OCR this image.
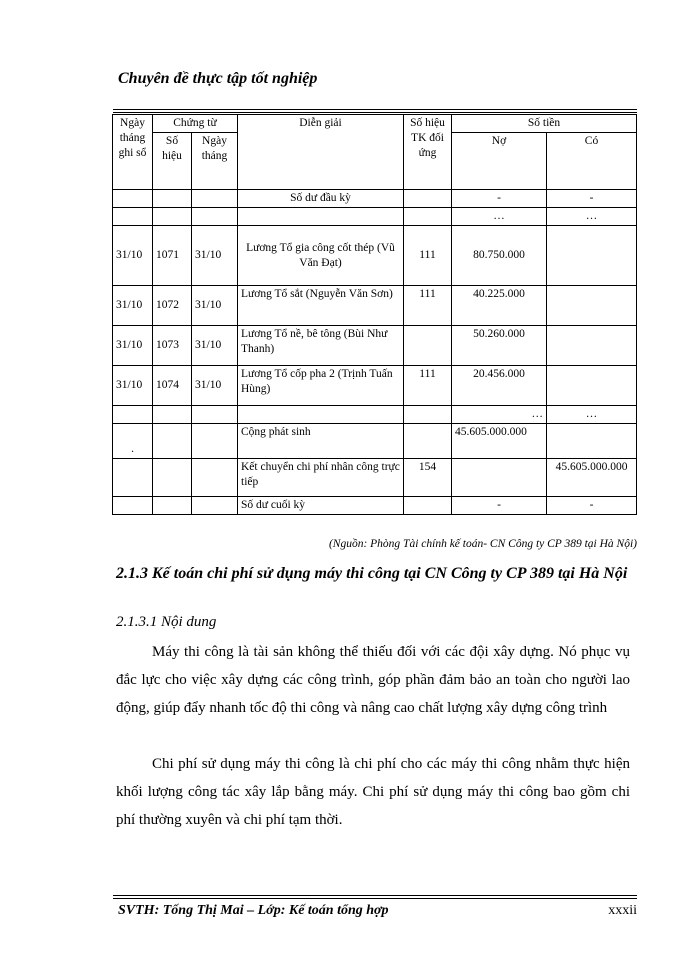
Chuyên đề thực tập tốt nghiệp
Ngày tháng ghi sổ	Chứng từ		Diễn giải	Số hiệu TK đối ứng	Số tiền	
	Số hiệu	Ngày tháng			Nợ	Có
			Số dư đầu kỳ		-	-
					…	…
31/10	1071	31/10	Lương Tổ gia công cốt thép (Vũ Văn Đạt)	111	80.750.000	
31/10	1072	31/10	Lương Tổ sắt (Nguyễn Văn Sơn)	111	40.225.000	
31/10	1073	31/10	Lương Tổ nề, bê tông (Bùi Như Thanh)		50.260.000	
31/10	1074	31/10	Lương Tổ cốp pha 2 (Trịnh Tuấn Hùng)	111	20.456.000	
					…	…
.			Cộng phát sinh		45.605.000.000	
			Kết chuyển chi phí nhân công trực tiếp	154		45.605.000.000
			Số dư cuối kỳ		-	-
(Nguồn: Phòng Tài chính kế toán- CN Công ty CP 389 tại Hà Nội)
2.1.3 Kế toán chi phí sử dụng máy thi công tại CN Công ty CP 389 tại Hà Nội
2.1.3.1 Nội dung

Máy thi công là tài sản không thể thiếu đối với các đội xây dựng. Nó phục vụ đắc lực cho việc xây dựng các công trình, góp phần đảm bảo an toàn cho người lao động, giúp đẩy nhanh tốc độ thi công và nâng cao chất lượng xây dựng công trình

Chi phí sử dụng máy thi công là chi phí cho các máy thi công nhằm thực hiện khối lượng công tác xây lắp bằng máy. Chi phí sử dụng máy thi công bao gồm chi phí thường xuyên và chi phí tạm thời.

SVTH: Tống Thị Mai – Lớp: Kế toán tổng hợp	xxxii
